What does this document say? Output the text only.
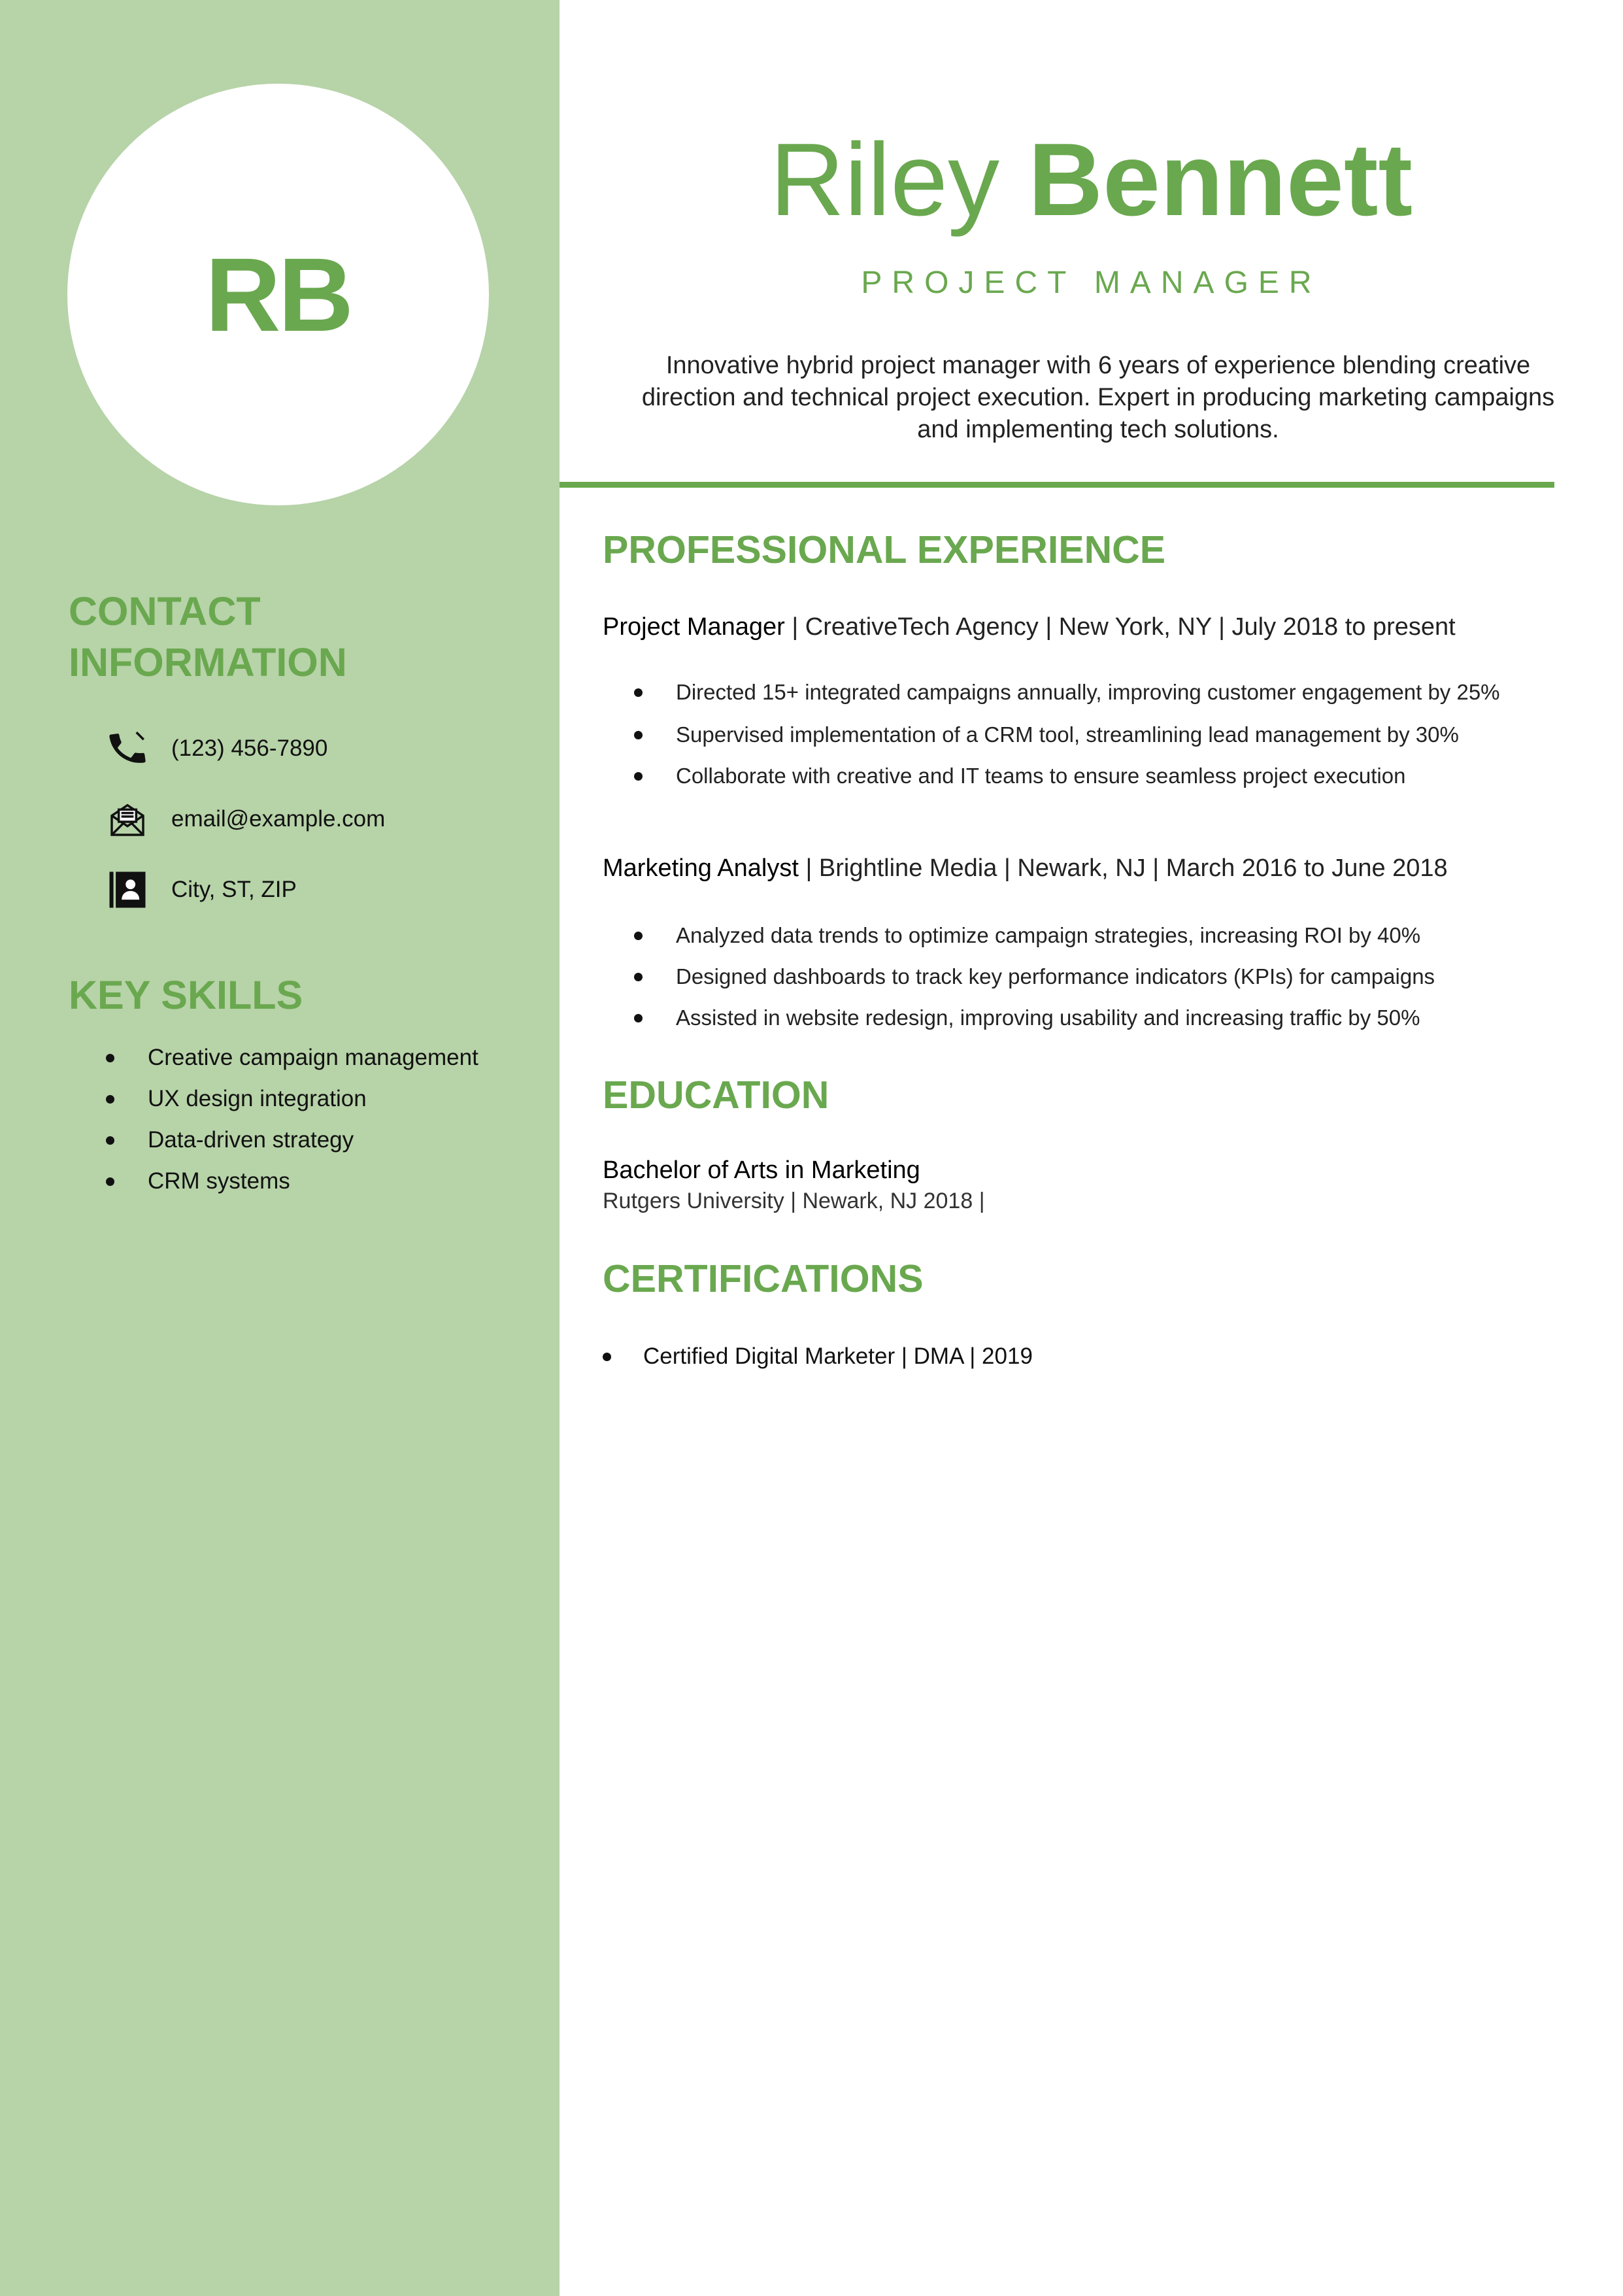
RB
CONTACT
INFORMATION
(123) 456-7890
email@example.com
City, ST, ZIP
KEY SKILLS
Creative campaign management
UX design integration
Data-driven strategy
CRM systems
Riley Bennett

PROJECT MANAGER

Innovative hybrid project manager with 6 years of experience blending creative direction and technical project execution. Expert in producing marketing campaigns and implementing tech solutions.

PROFESSIONAL EXPERIENCE

Project Manager | CreativeTech Agency | New York, NY | July 2018 to present

Directed 15+ integrated campaigns annually, improving customer engagement by 25%
Supervised implementation of a CRM tool, streamlining lead management by 30%
Collaborate with creative and IT teams to ensure seamless project execution

Marketing Analyst | Brightline Media | Newark, NJ | March 2016 to June 2018

Analyzed data trends to optimize campaign strategies, increasing ROI by 40%
Designed dashboards to track key performance indicators (KPIs) for campaigns
Assisted in website redesign, improving usability and increasing traffic by 50%
EDUCATION

Bachelor of Arts in Marketing

Rutgers University | Newark, NJ 2018 |

CERTIFICATIONS
Certified Digital Marketer | DMA | 2019
